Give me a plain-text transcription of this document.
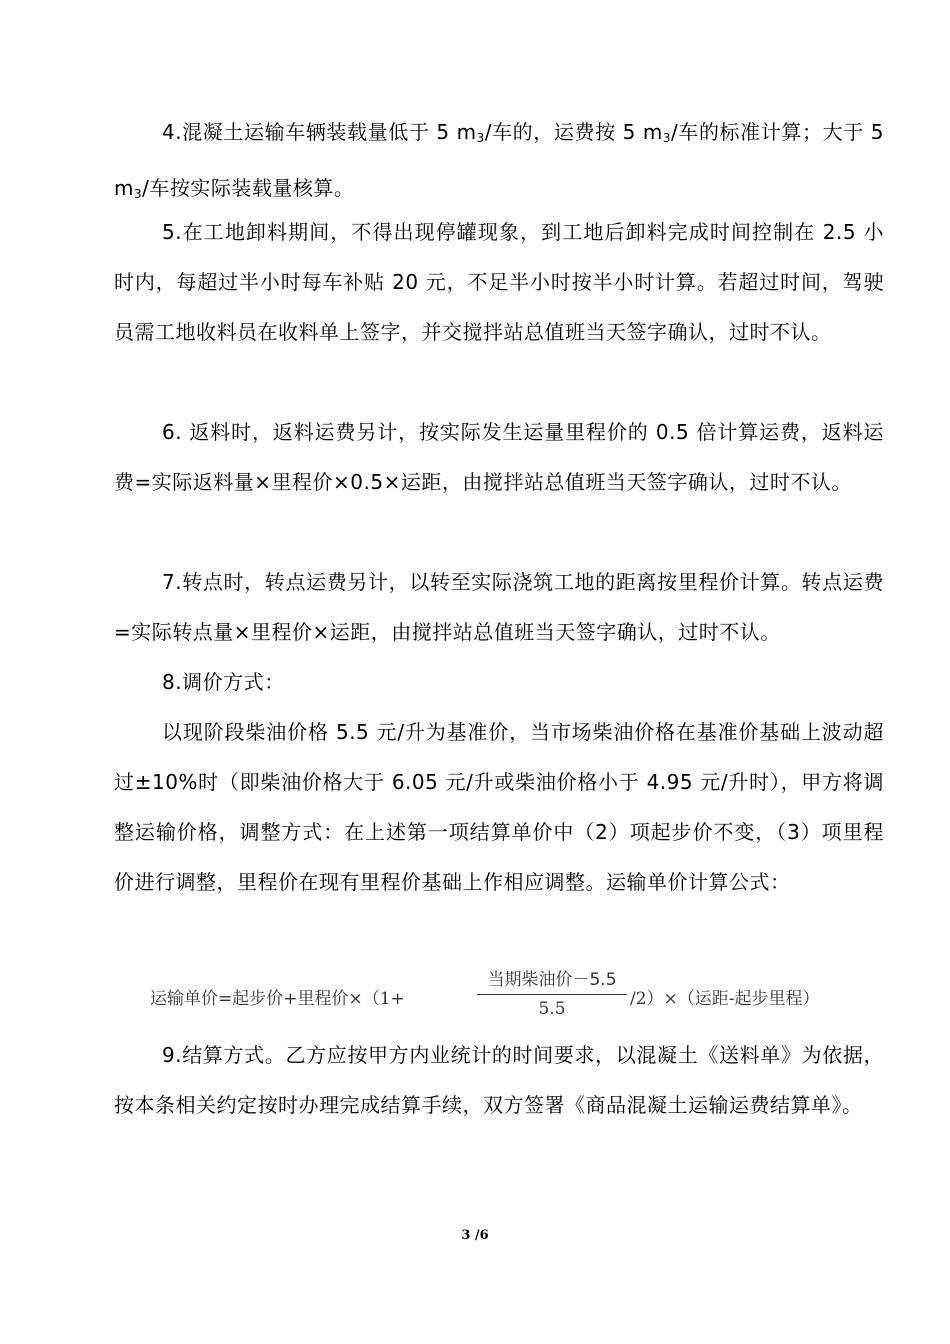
4.混凝土运输车辆装载量低于 5 $m_3/$车的，运费按 5 $m_3/$车的标准计算；大于 5 $m_3/$车按实际装载量核算。

5.在工地卸料期间，不得出现停罐现象，到工地后卸料完成时间控制在 2.5 小时内，每超过半小时每车补贴 20 元，不足半小时按半小时计算。若超过时间，驾驶员需工地收料员在收料单上签字，并交搅拌站总值班当天签字确认，过时不认。

6. 返料时，返料运费另计，按实际发生运量里程价的 0.5 倍计算运费，返料运费=实际返料量×里程价×0.5×运距，由搅拌站总值班当天签字确认，过时不认。

7.转点时，转点运费另计，以转至实际浇筑工地的距离按里程价计算。转点运费=实际转点量×里程价×运距，由搅拌站总值班当天签字确认，过时不认。

8.调价方式：

以现阶段柴油价格 5.5 元/升为基准价，当市场柴油价格在基准价基础上波动超过±10%时（即柴油价格大于 6.05 元/升或柴油价格小于 4.95 元/升时），甲方将调整运输价格，调整方式：在上述第一项结算单价中（2）项起步价不变，（3）项里程价进行调整，里程价在现有里程价基础上作相应调整。运输单价计算公式：

运输单价=起步价+里程价×（1+
当期柴油价－5.5
5.5	/2）×（运距-起步里程）

9.结算方式。乙方应按甲方内业统计的时间要求，以混凝土《送料单》为依据，按本条相关约定按时办理完成结算手续，双方签署《商品混凝土运输运费结算单》。

3 /6
